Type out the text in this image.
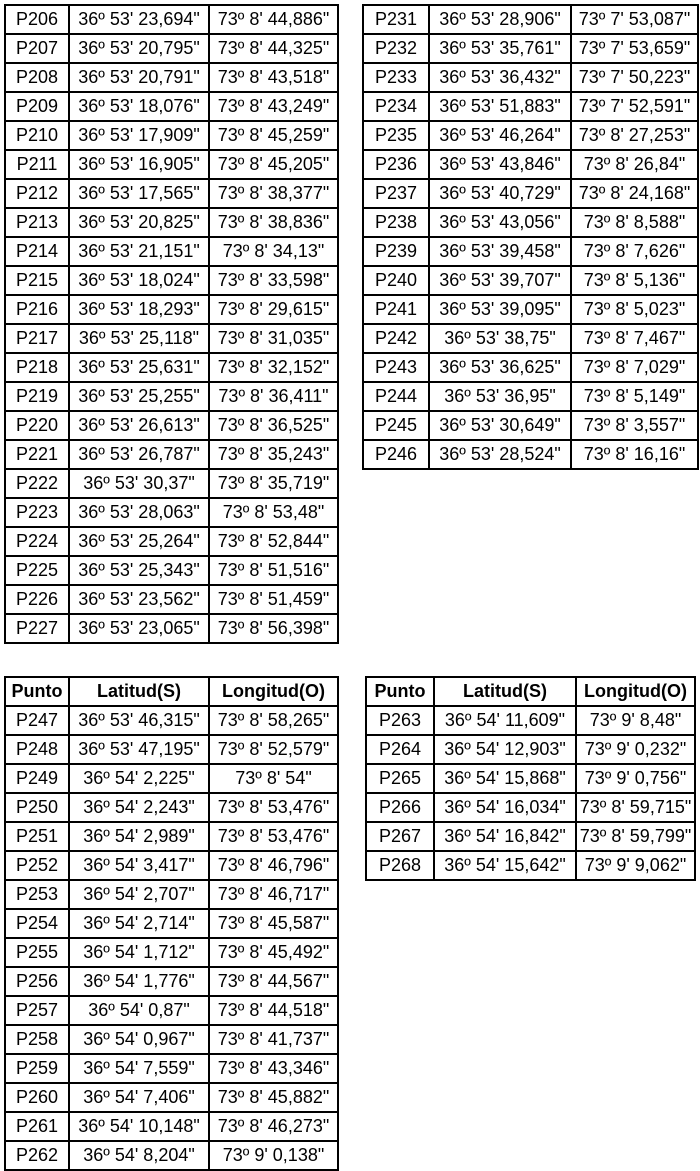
P206	36º 53' 23,694"	73º 8' 44,886"
P207	36º 53' 20,795"	73º 8' 44,325"
P208	36º 53' 20,791"	73º 8' 43,518"
P209	36º 53' 18,076"	73º 8' 43,249"
P210	36º 53' 17,909"	73º 8' 45,259"
P211	36º 53' 16,905"	73º 8' 45,205"
P212	36º 53' 17,565"	73º 8' 38,377"
P213	36º 53' 20,825"	73º 8' 38,836"
P214	36º 53' 21,151"	73º 8' 34,13"
P215	36º 53' 18,024"	73º 8' 33,598"
P216	36º 53' 18,293"	73º 8' 29,615"
P217	36º 53' 25,118"	73º 8' 31,035"
P218	36º 53' 25,631"	73º 8' 32,152"
P219	36º 53' 25,255"	73º 8' 36,411"
P220	36º 53' 26,613"	73º 8' 36,525"
P221	36º 53' 26,787"	73º 8' 35,243"
P222	36º 53' 30,37"	73º 8' 35,719"
P223	36º 53' 28,063"	73º 8' 53,48"
P224	36º 53' 25,264"	73º 8' 52,844"
P225	36º 53' 25,343"	73º 8' 51,516"
P226	36º 53' 23,562"	73º 8' 51,459"
P227	36º 53' 23,065"	73º 8' 56,398"
P231	36º 53' 28,906"	73º 7' 53,087"
P232	36º 53' 35,761"	73º 7' 53,659"
P233	36º 53' 36,432"	73º 7' 50,223"
P234	36º 53' 51,883"	73º 7' 52,591"
P235	36º 53' 46,264"	73º 8' 27,253"
P236	36º 53' 43,846"	73º 8' 26,84"
P237	36º 53' 40,729"	73º 8' 24,168"
P238	36º 53' 43,056"	73º 8' 8,588"
P239	36º 53' 39,458"	73º 8' 7,626"
P240	36º 53' 39,707"	73º 8' 5,136"
P241	36º 53' 39,095"	73º 8' 5,023"
P242	36º 53' 38,75"	73º 8' 7,467"
P243	36º 53' 36,625"	73º 8' 7,029"
P244	36º 53' 36,95"	73º 8' 5,149"
P245	36º 53' 30,649"	73º 8' 3,557"
P246	36º 53' 28,524"	73º 8' 16,16"
Punto	Latitud(S)	Longitud(O)
P247	36º 53' 46,315"	73º 8' 58,265"
P248	36º 53' 47,195"	73º 8' 52,579"
P249	36º 54' 2,225"	73º 8' 54"
P250	36º 54' 2,243"	73º 8' 53,476"
P251	36º 54' 2,989"	73º 8' 53,476"
P252	36º 54' 3,417"	73º 8' 46,796"
P253	36º 54' 2,707"	73º 8' 46,717"
P254	36º 54' 2,714"	73º 8' 45,587"
P255	36º 54' 1,712"	73º 8' 45,492"
P256	36º 54' 1,776"	73º 8' 44,567"
P257	36º 54' 0,87"	73º 8' 44,518"
P258	36º 54' 0,967"	73º 8' 41,737"
P259	36º 54' 7,559"	73º 8' 43,346"
P260	36º 54' 7,406"	73º 8' 45,882"
P261	36º 54' 10,148"	73º 8' 46,273"
P262	36º 54' 8,204"	73º 9' 0,138"
Punto	Latitud(S)	Longitud(O)
P263	36º 54' 11,609"	73º 9' 8,48"
P264	36º 54' 12,903"	73º 9' 0,232"
P265	36º 54' 15,868"	73º 9' 0,756"
P266	36º 54' 16,034"	73º 8' 59,715"
P267	36º 54' 16,842"	73º 8' 59,799"
P268	36º 54' 15,642"	73º 9' 9,062"
